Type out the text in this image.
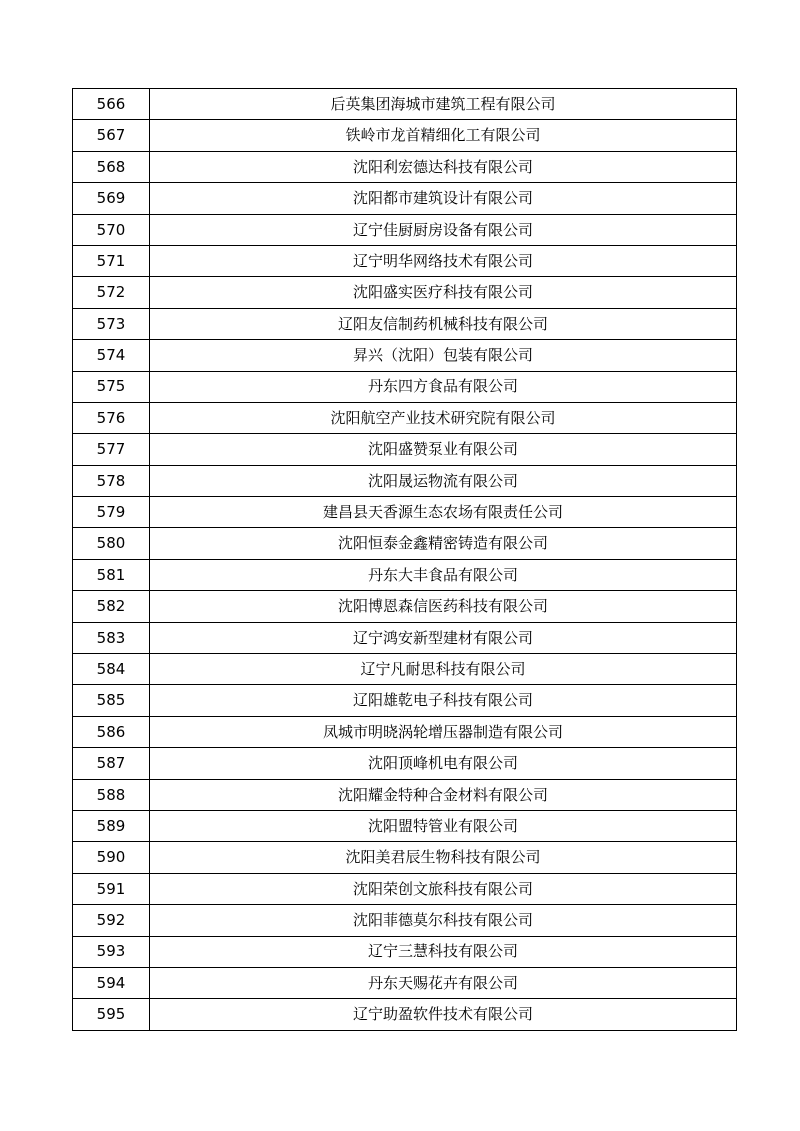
566	后英集团海城市建筑工程有限公司
567	铁岭市龙首精细化工有限公司
568	沈阳利宏德达科技有限公司
569	沈阳都市建筑设计有限公司
570	辽宁佳厨厨房设备有限公司
571	辽宁明华网络技术有限公司
572	沈阳盛实医疗科技有限公司
573	辽阳友信制药机械科技有限公司
574	昇兴（沈阳）包装有限公司
575	丹东四方食品有限公司
576	沈阳航空产业技术研究院有限公司
577	沈阳盛赞泵业有限公司
578	沈阳晟运物流有限公司
579	建昌县天香源生态农场有限责任公司
580	沈阳恒泰金鑫精密铸造有限公司
581	丹东大丰食品有限公司
582	沈阳博恩森信医药科技有限公司
583	辽宁鸿安新型建材有限公司
584	辽宁凡耐思科技有限公司
585	辽阳雄乾电子科技有限公司
586	凤城市明晓涡轮增压器制造有限公司
587	沈阳顶峰机电有限公司
588	沈阳耀金特种合金材料有限公司
589	沈阳盟特管业有限公司
590	沈阳美君辰生物科技有限公司
591	沈阳荣创文旅科技有限公司
592	沈阳菲德莫尔科技有限公司
593	辽宁三慧科技有限公司
594	丹东天赐花卉有限公司
595	辽宁助盈软件技术有限公司
